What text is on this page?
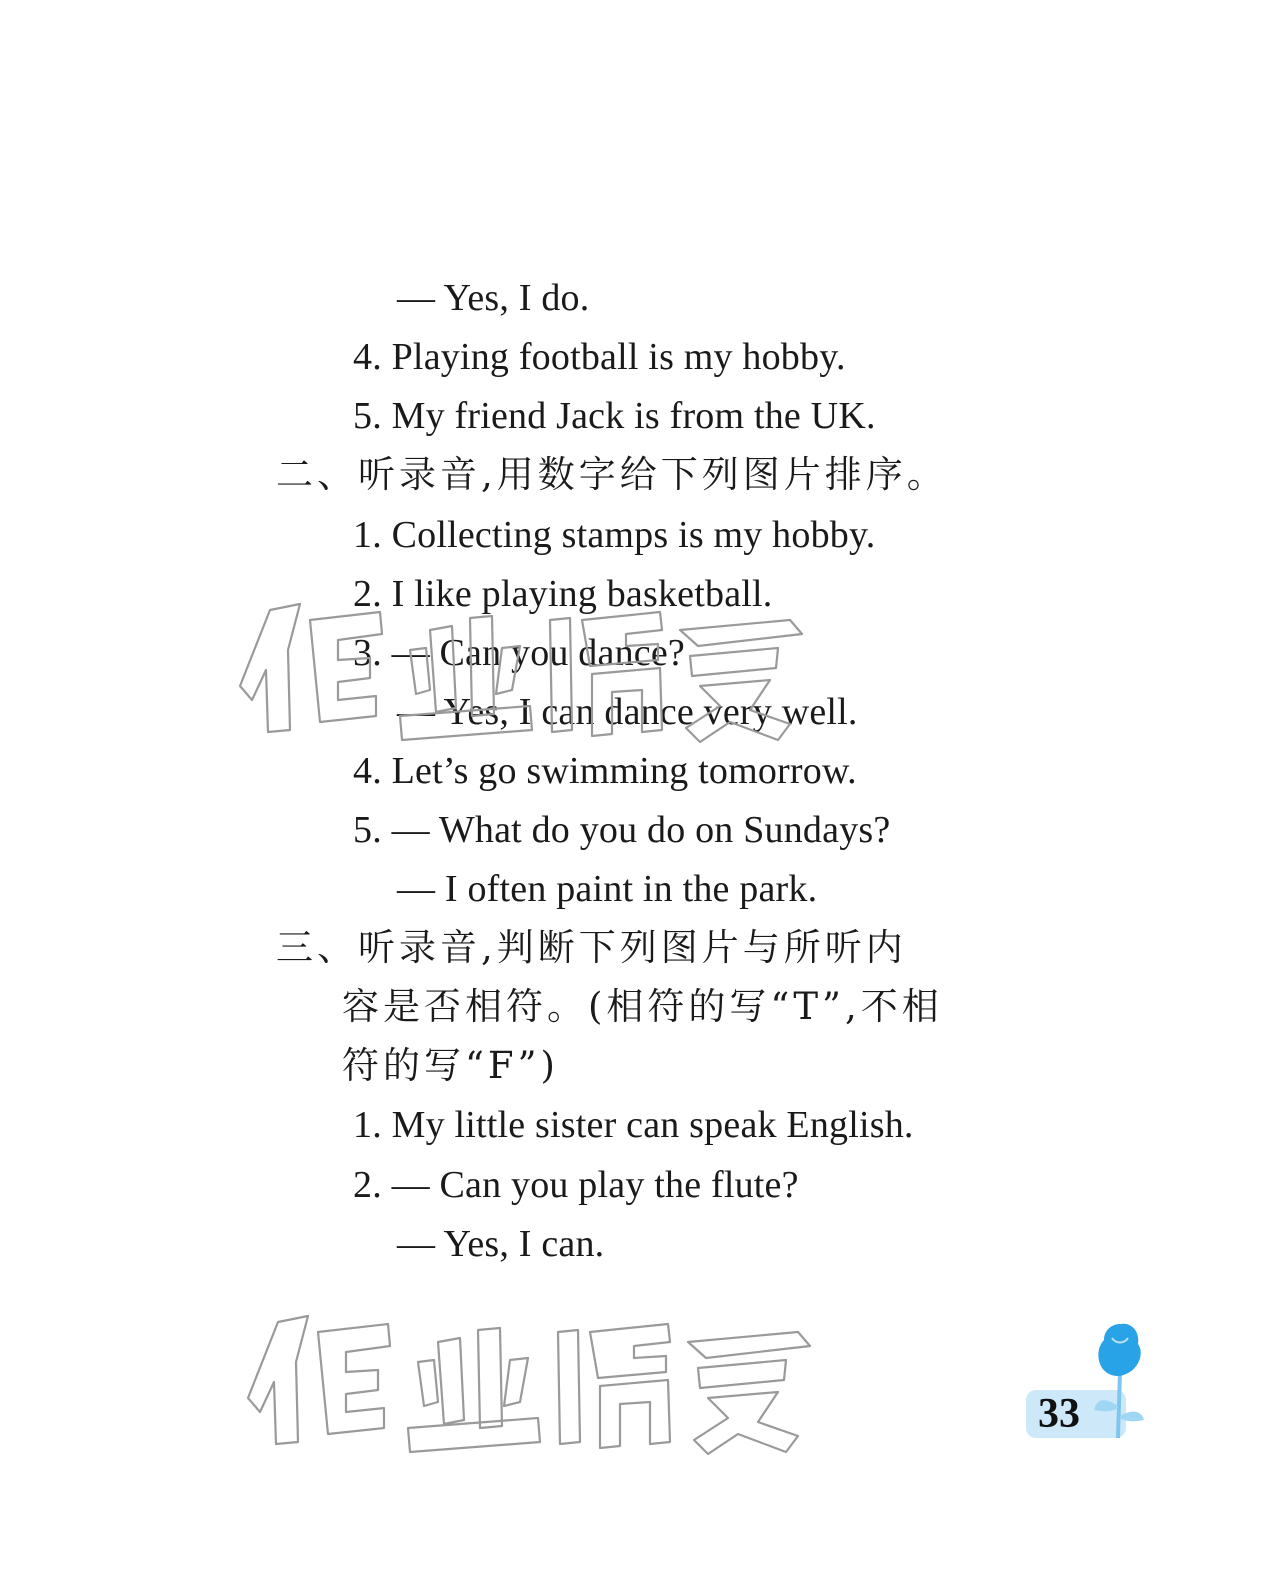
— Yes, I do.
4. Playing football is my hobby.
5. My friend Jack is from the UK.
二、听录音,用数字给下列图片排序。
1. Collecting stamps is my hobby.
2. I like playing basketball.
3. — Can you dance?
— Yes, I can dance very well.
4. Let’s go swimming tomorrow.
5. — What do you do on Sundays?
— I often paint in the park.
三、听录音,判断下列图片与所听内
容是否相符。(相符的写“T”,不相
符的写“F”)
1. My little sister can speak English.
2. — Can you play the flute?
— Yes, I can.
33
